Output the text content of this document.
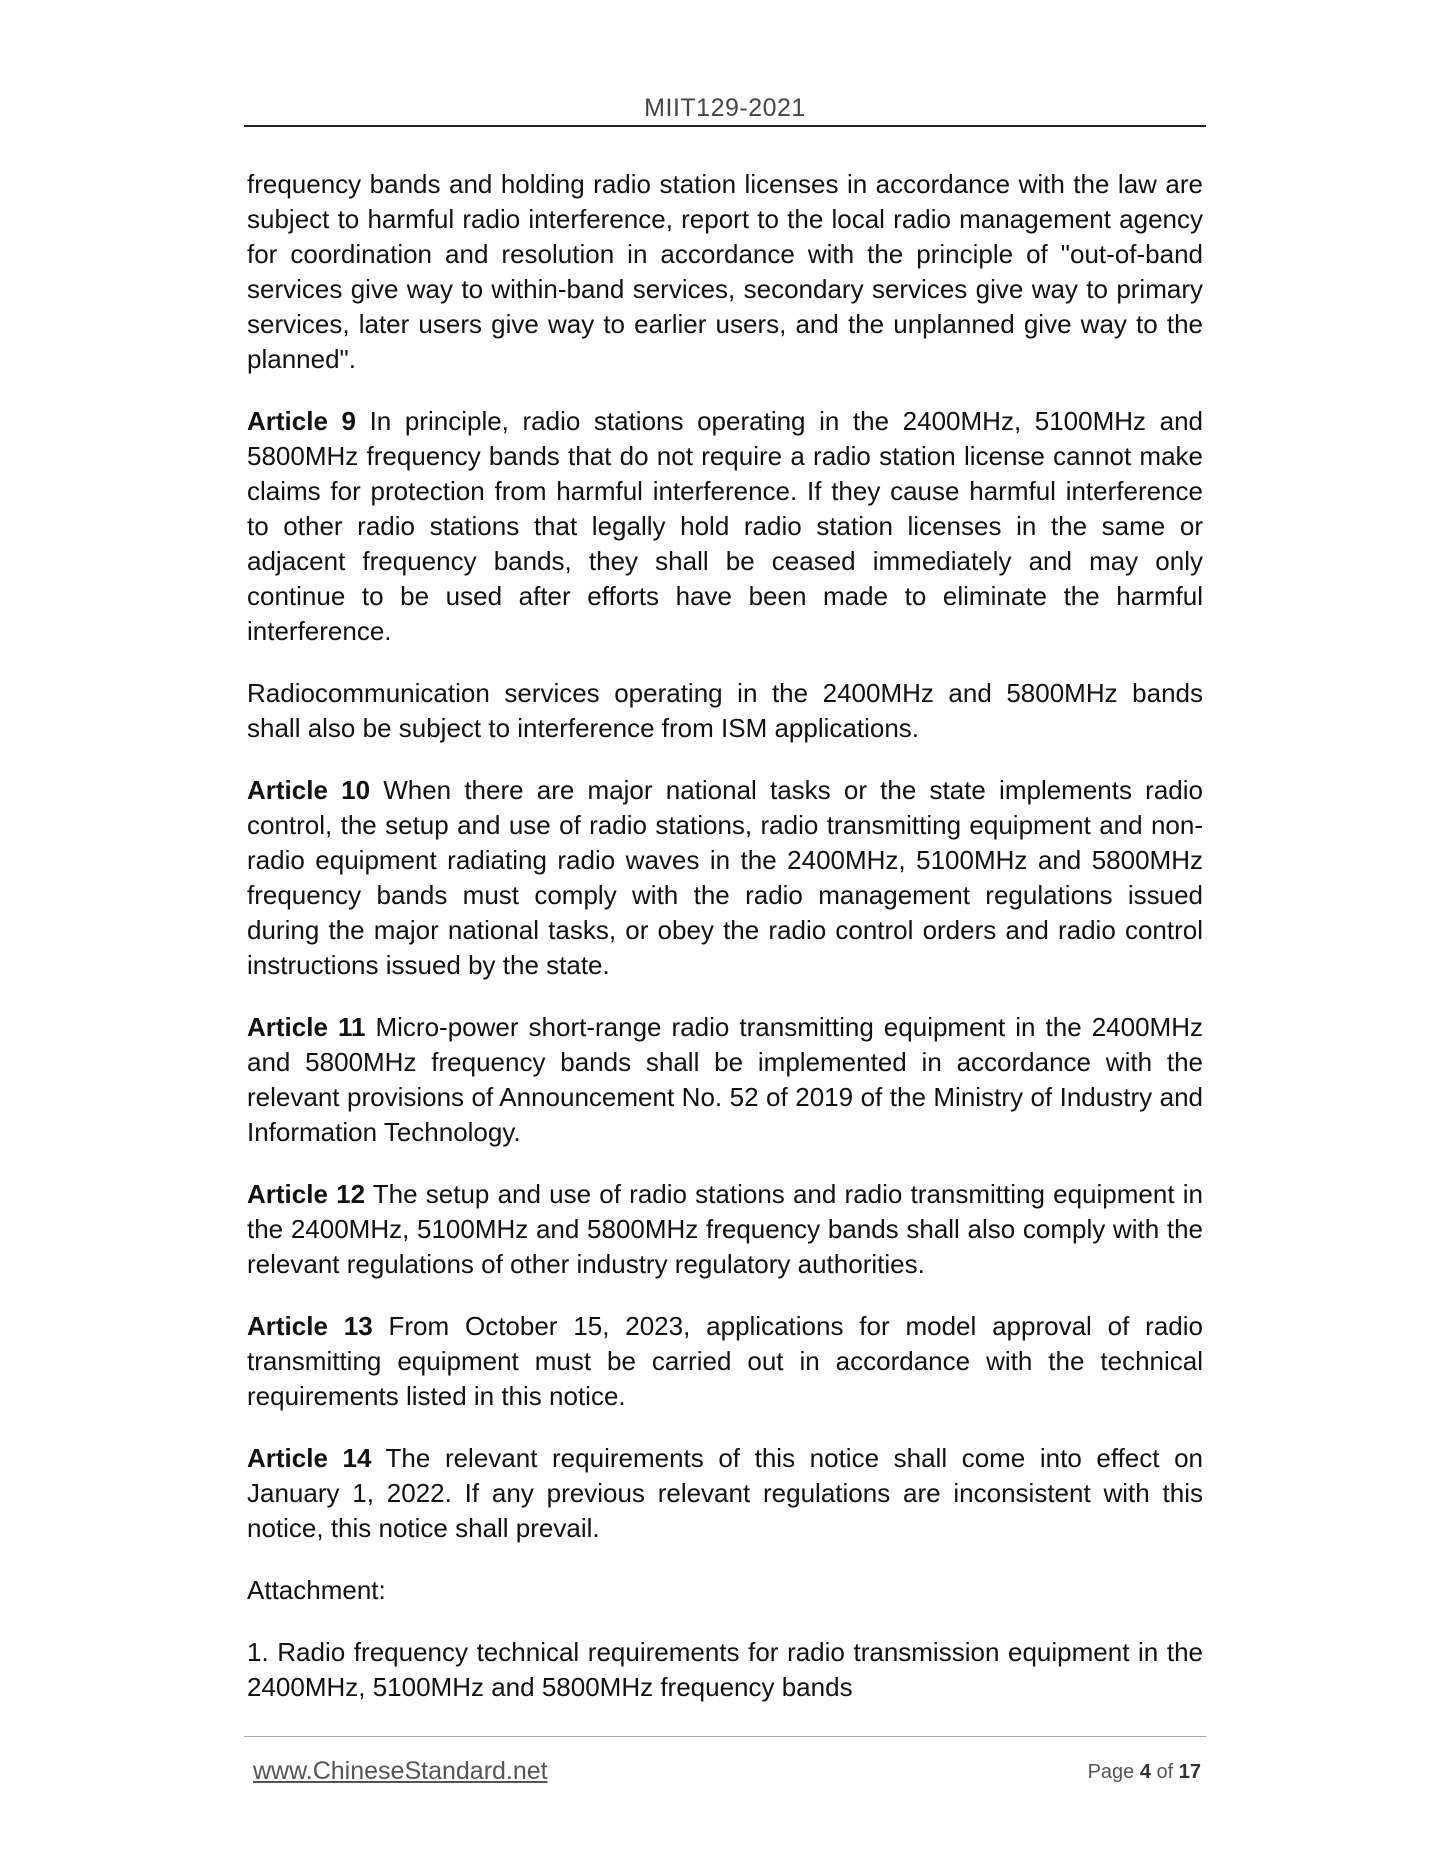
MIIT129-2021

frequency bands and holding radio station licenses in accordance with the law are subject to harmful radio interference, report to the local radio management agency for coordination and resolution in accordance with the principle of "out-of-band services give way to within-band services, secondary services give way to primary services, later users give way to earlier users, and the unplanned give way to the planned".

Article 9 In principle, radio stations operating in the 2400MHz, 5100MHz and 5800MHz frequency bands that do not require a radio station license cannot make claims for protection from harmful interference. If they cause harmful interference to other radio stations that legally hold radio station licenses in the same or adjacent frequency bands, they shall be ceased immediately and may only continue to be used after efforts have been made to eliminate the harmful interference.

Radiocommunication services operating in the 2400MHz and 5800MHz bands shall also be subject to interference from ISM applications.

Article 10 When there are major national tasks or the state implements radio control, the setup and use of radio stations, radio transmitting equipment and non-radio equipment radiating radio waves in the 2400MHz, 5100MHz and 5800MHz frequency bands must comply with the radio management regulations issued during the major national tasks, or obey the radio control orders and radio control instructions issued by the state.

Article 11 Micro-power short-range radio transmitting equipment in the 2400MHz and 5800MHz frequency bands shall be implemented in accordance with the relevant provisions of Announcement No. 52 of 2019 of the Ministry of Industry and Information Technology.

Article 12 The setup and use of radio stations and radio transmitting equipment in the 2400MHz, 5100MHz and 5800MHz frequency bands shall also comply with the relevant regulations of other industry regulatory authorities.

Article 13 From October 15, 2023, applications for model approval of radio transmitting equipment must be carried out in accordance with the technical requirements listed in this notice.

Article 14 The relevant requirements of this notice shall come into effect on January 1, 2022. If any previous relevant regulations are inconsistent with this notice, this notice shall prevail.

Attachment:

1. Radio frequency technical requirements for radio transmission equipment in the 2400MHz, 5100MHz and 5800MHz frequency bands

www.ChineseStandard.net	Page 4 of 17
